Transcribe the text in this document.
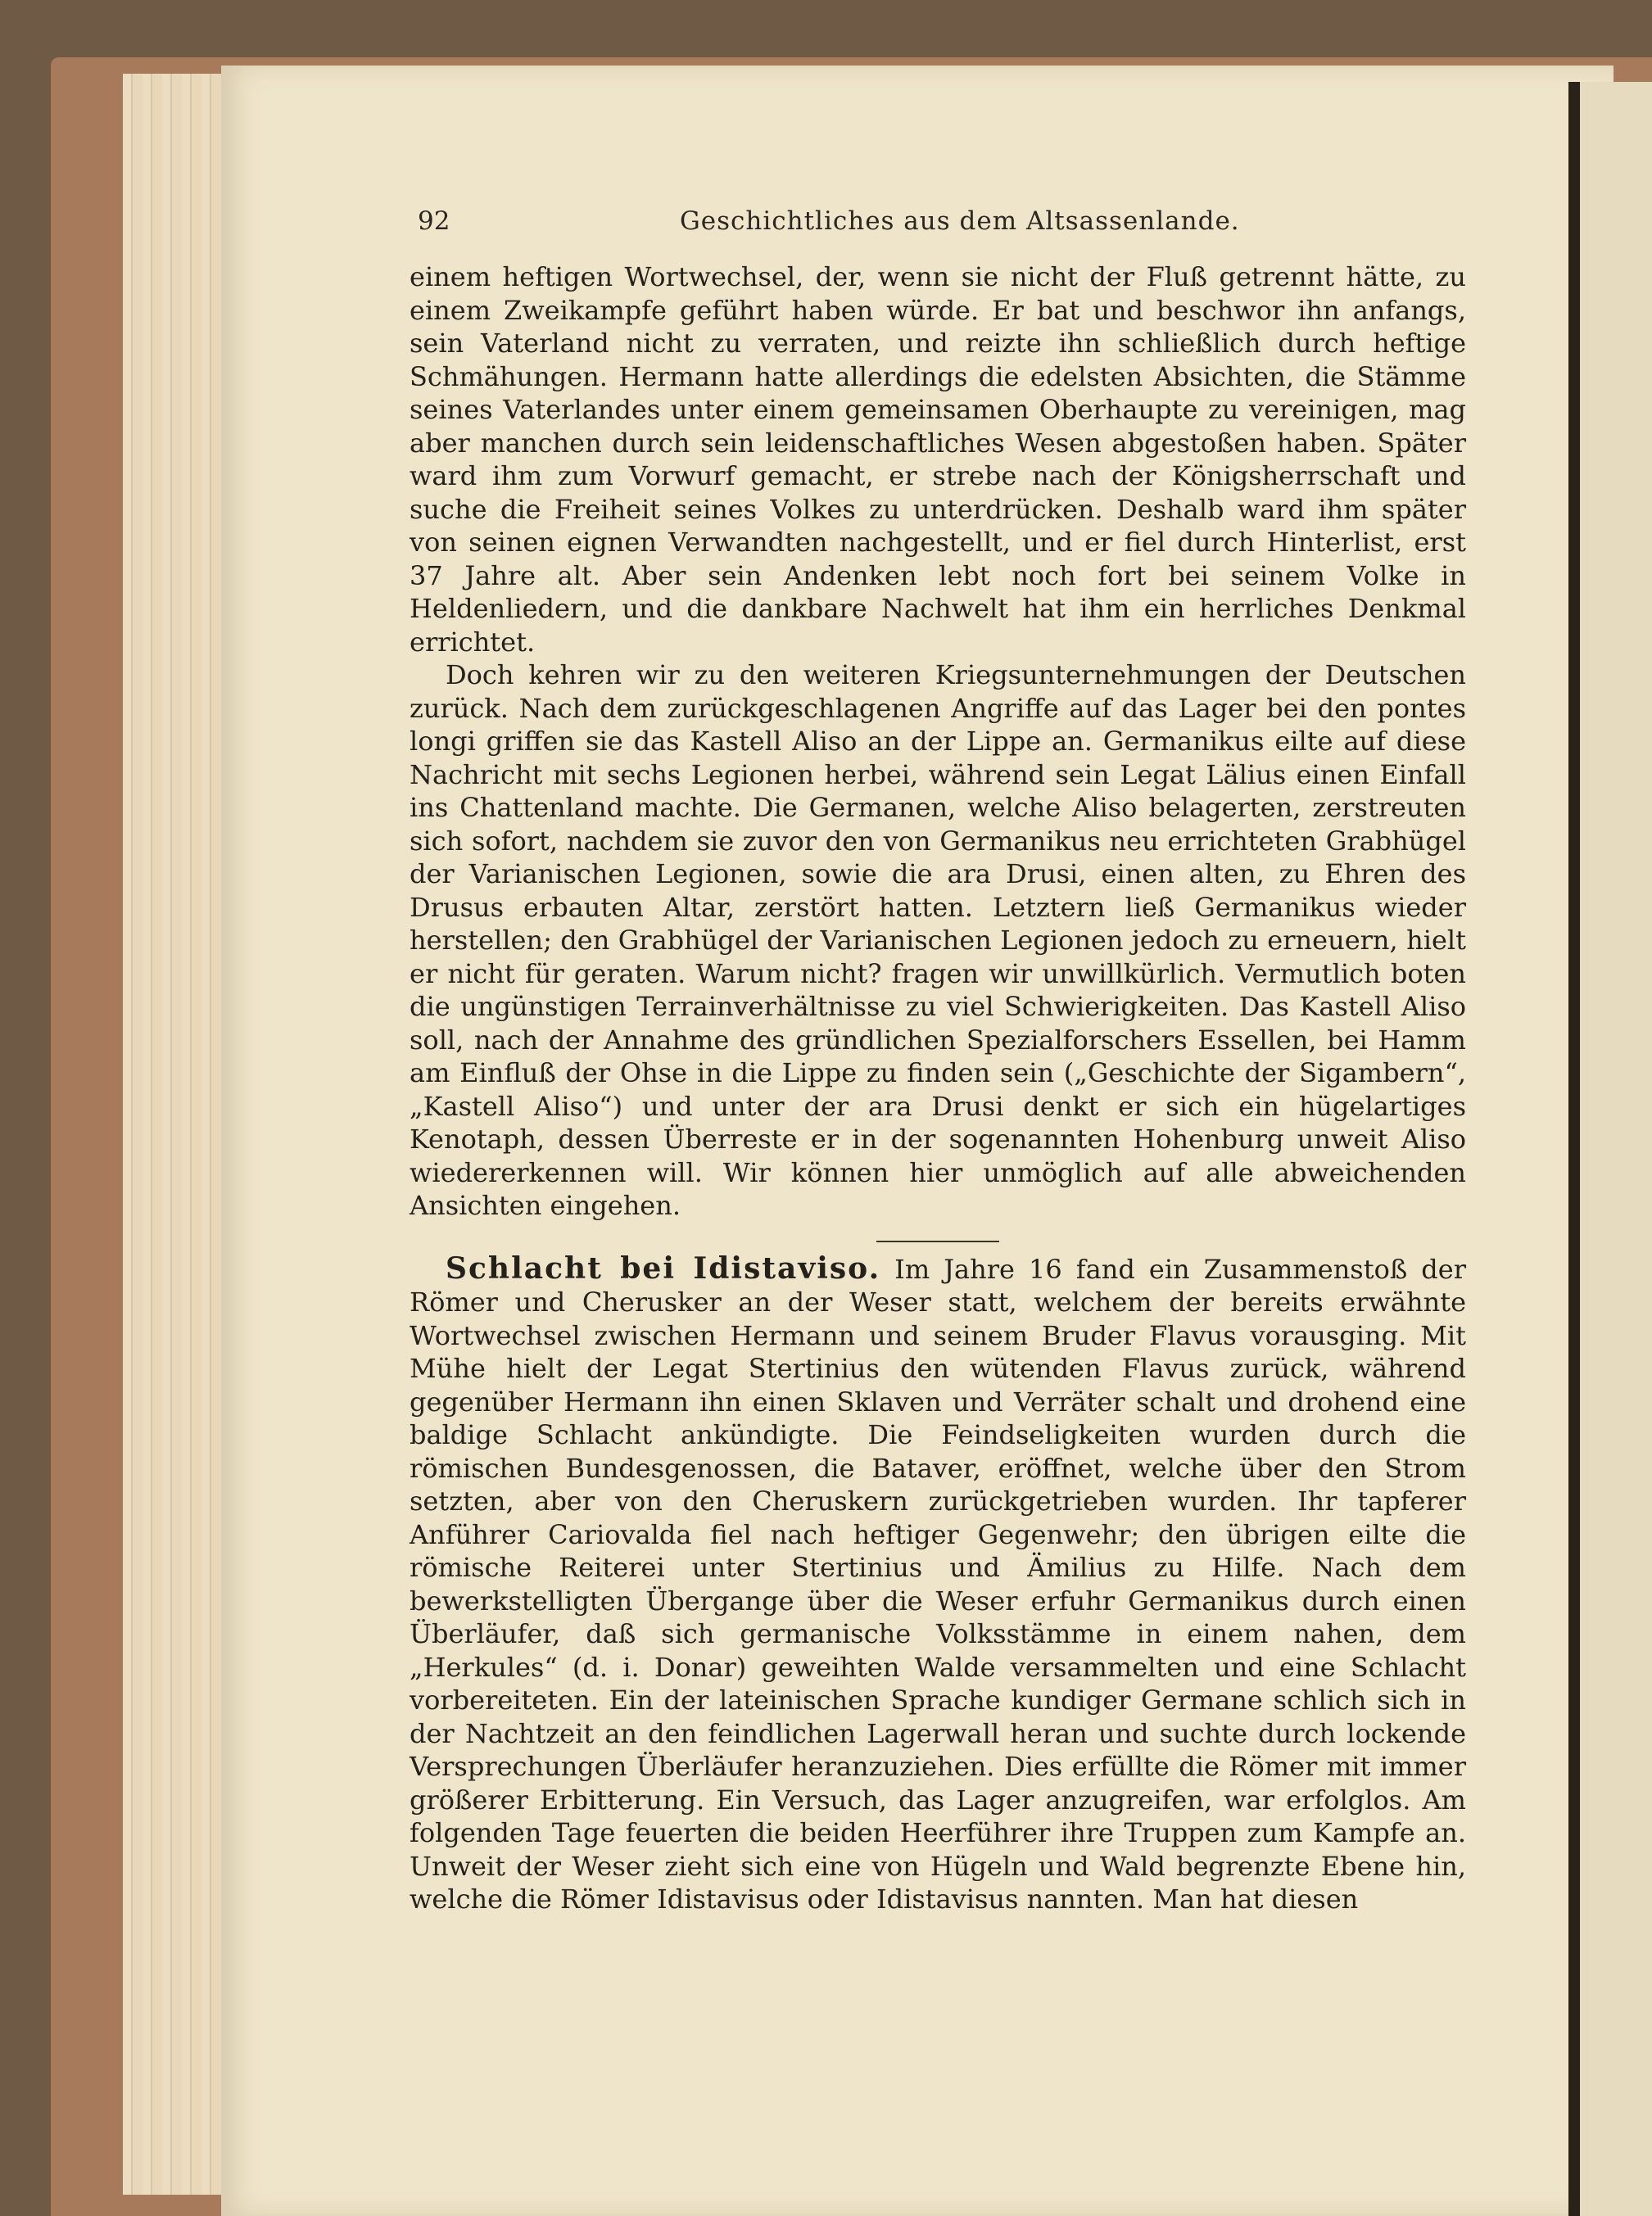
92	Geschichtliches aus dem Altsassenlande.

einem heftigen Wortwechsel, der, wenn sie nicht der Fluß getrennt hätte, zu einem Zweikampfe geführt haben würde. Er bat und beschwor ihn anfangs, sein Vaterland nicht zu verraten, und reizte ihn schließlich durch heftige Schmähungen. Hermann hatte allerdings die edelsten Absichten, die Stämme seines Vaterlandes unter einem gemeinsamen Oberhaupte zu vereinigen, mag aber manchen durch sein leidenschaftliches Wesen abgestoßen haben. Später ward ihm zum Vorwurf gemacht, er strebe nach der Königsherrschaft und suche die Freiheit seines Volkes zu unterdrücken. Deshalb ward ihm später von seinen eignen Verwandten nachgestellt, und er fiel durch Hinterlist, erst 37 Jahre alt. Aber sein Andenken lebt noch fort bei seinem Volke in Heldenliedern, und die dankbare Nachwelt hat ihm ein herrliches Denkmal errichtet.

Doch kehren wir zu den weiteren Kriegsunternehmungen der Deutschen zurück. Nach dem zurückgeschlagenen Angriffe auf das Lager bei den pontes longi griffen sie das Kastell Aliso an der Lippe an. Germanikus eilte auf diese Nachricht mit sechs Legionen herbei, während sein Legat Lälius einen Einfall ins Chattenland machte. Die Germanen, welche Aliso belagerten, zerstreuten sich sofort, nachdem sie zuvor den von Germanikus neu errichteten Grabhügel der Varianischen Legionen, sowie die ara Drusi, einen alten, zu Ehren des Drusus erbauten Altar, zerstört hatten. Letztern ließ Germanikus wieder herstellen; den Grabhügel der Varianischen Legionen jedoch zu erneuern, hielt er nicht für geraten. Warum nicht? fragen wir unwillkürlich. Vermutlich boten die ungünstigen Terrainverhältnisse zu viel Schwierigkeiten. Das Kastell Aliso soll, nach der Annahme des gründlichen Spezialforschers Essellen, bei Hamm am Einfluß der Ohse in die Lippe zu finden sein („Geschichte der Sigambern“, „Kastell Aliso“) und unter der ara Drusi denkt er sich ein hügelartiges Kenotaph, dessen Überreste er in der sogenannten Hohenburg unweit Aliso wiedererkennen will. Wir können hier unmöglich auf alle abweichenden Ansichten eingehen.

Schlacht bei Idistaviso. Im Jahre 16 fand ein Zusammenstoß der Römer und Cherusker an der Weser statt, welchem der bereits erwähnte Wortwechsel zwischen Hermann und seinem Bruder Flavus vorausging. Mit Mühe hielt der Legat Stertinius den wütenden Flavus zurück, während gegenüber Hermann ihn einen Sklaven und Verräter schalt und drohend eine baldige Schlacht ankündigte. Die Feindseligkeiten wurden durch die römischen Bundesgenossen, die Bataver, eröffnet, welche über den Strom setzten, aber von den Cheruskern zurückgetrieben wurden. Ihr tapferer Anführer Cariovalda fiel nach heftiger Gegenwehr; den übrigen eilte die römische Reiterei unter Stertinius und Ämilius zu Hilfe. Nach dem bewerkstelligten Übergange über die Weser erfuhr Germanikus durch einen Überläufer, daß sich germanische Volksstämme in einem nahen, dem „Herkules“ (d. i. Donar) geweihten Walde versammelten und eine Schlacht vorbereiteten. Ein der lateinischen Sprache kundiger Germane schlich sich in der Nachtzeit an den feindlichen Lagerwall heran und suchte durch lockende Versprechungen Überläufer heranzuziehen. Dies erfüllte die Römer mit immer größerer Erbitterung. Ein Versuch, das Lager anzugreifen, war erfolglos. Am folgenden Tage feuerten die beiden Heerführer ihre Truppen zum Kampfe an. Unweit der Weser zieht sich eine von Hügeln und Wald begrenzte Ebene hin, welche die Römer Idistavisus oder Idistavisus nannten. Man hat diesen
